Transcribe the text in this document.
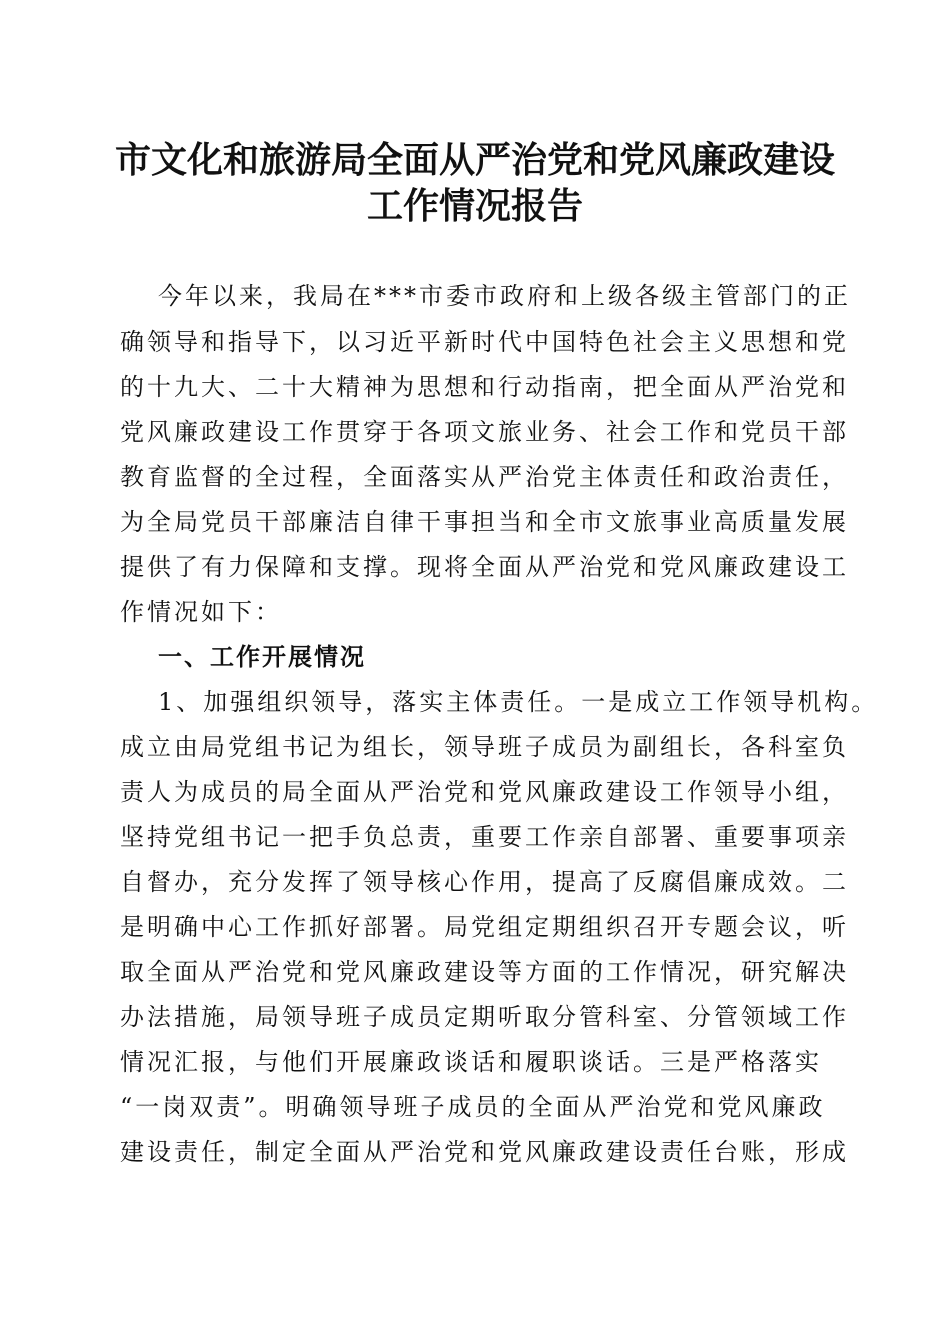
市文化和旅游局全面从严治党和党风廉政建设
工作情况报告
今年以来，我局在***市委市政府和上级各级主管部门的正
确领导和指导下，以习近平新时代中国特色社会主义思想和党
的十九大、二十大精神为思想和行动指南，把全面从严治党和
党风廉政建设工作贯穿于各项文旅业务、社会工作和党员干部
教育监督的全过程，全面落实从严治党主体责任和政治责任，
为全局党员干部廉洁自律干事担当和全市文旅事业高质量发展
提供了有力保障和支撑。现将全面从严治党和党风廉政建设工
作情况如下：
一、工作开展情况
1、加强组织领导，落实主体责任。一是成立工作领导机构。
成立由局党组书记为组长，领导班子成员为副组长，各科室负
责人为成员的局全面从严治党和党风廉政建设工作领导小组，
坚持党组书记一把手负总责，重要工作亲自部署、重要事项亲
自督办，充分发挥了领导核心作用，提高了反腐倡廉成效。二
是明确中心工作抓好部署。局党组定期组织召开专题会议，听
取全面从严治党和党风廉政建设等方面的工作情况，研究解决
办法措施，局领导班子成员定期听取分管科室、分管领域工作
情况汇报，与他们开展廉政谈话和履职谈话。三是严格落实
“一岗双责”。明确领导班子成员的全面从严治党和党风廉政
建设责任，制定全面从严治党和党风廉政建设责任台账，形成
